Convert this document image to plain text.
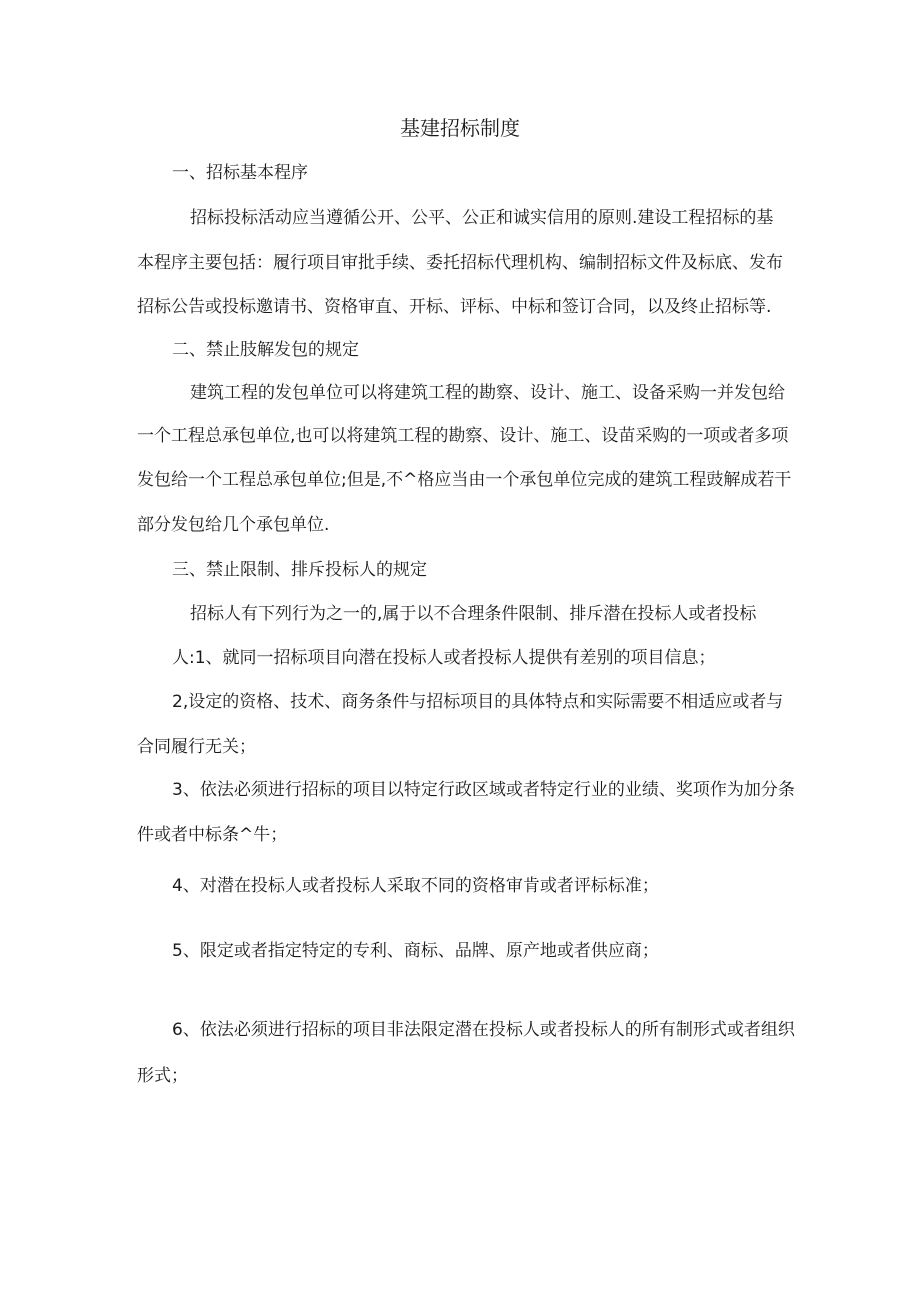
基建招标制度
一、招标基本程序
招标投标活动应当遵循公开、公平、公正和诚实信用的原则.建设工程招标的基
本程序主要包括：履行项目审批手续、委托招标代理机构、编制招标文件及标底、发布
招标公告或投标邀请书、资格审直、开标、评标、中标和签订合同，以及终止招标等.
二、禁止肢解发包的规定
建筑工程的发包单位可以将建筑工程的勘察、设计、施工、设备采购一并发包给
一个工程总承包单位,也可以将建筑工程的勘察、设计、施工、设苗采购的一项或者多项
发包给一个工程总承包单位;但是,不^格应当由一个承包单位完成的建筑工程豉解成若干
部分发包给几个承包单位.
三、禁止限制、排斥投标人的规定
招标人有下列行为之一的,属于以不合理条件限制、排斥潜在投标人或者投标
人:1、就同一招标项目向潜在投标人或者投标人提供有差别的项目信息；
2,设定的资格、技术、商务条件与招标项目的具体特点和实际需要不相适应或者与
合同履行无关；
3、依法必须进行招标的项目以特定行政区域或者特定行业的业绩、奖项作为加分条
件或者中标条^牛；
4、对潜在投标人或者投标人采取不同的资格审肯或者评标标准；
5、限定或者指定特定的专利、商标、品牌、原产地或者供应商；
6、依法必须进行招标的项目非法限定潜在投标人或者投标人的所有制形式或者组织
形式；
